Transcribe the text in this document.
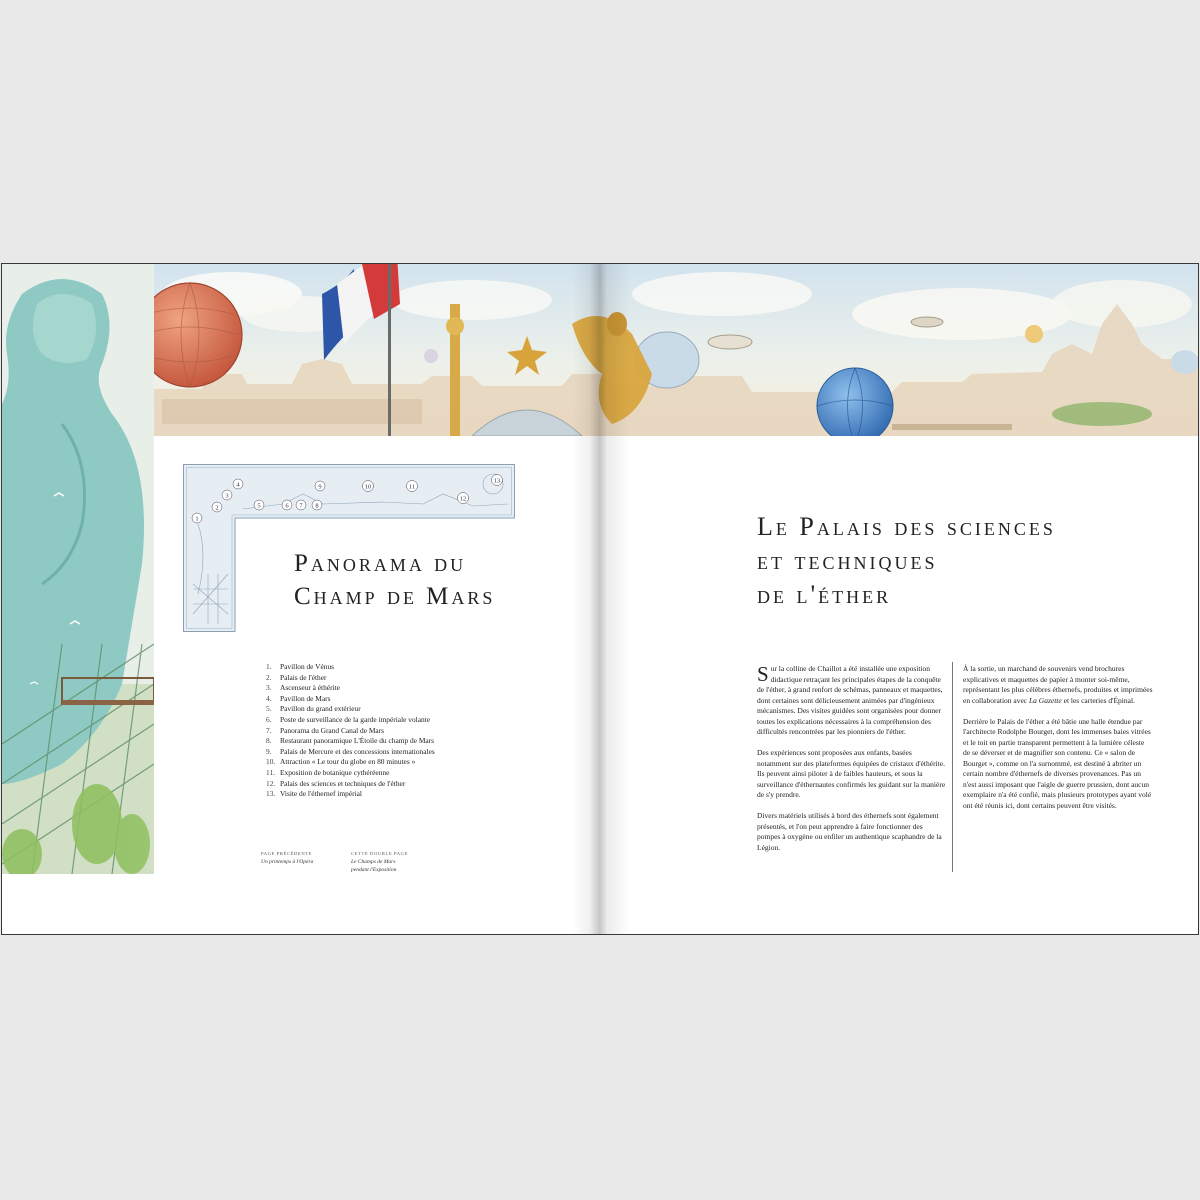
1
2
3
4
5	6 7 8
9	10	11
12
13
Panorama du
Champ de Mars
1. Pavillon de Vénus
2. Palais de l'éther
3. Ascenseur à éthérite
4. Pavillon de Mars
5. Pavillon du grand extérieur
6. Poste de surveillance de la garde impériale volante
7. Panorama du Grand Canal de Mars
8. Restaurant panoramique L'Étoile du champ de Mars
9. Palais de Mercure et des concessions internationales
10. Attraction « Le tour du globe en 80 minutes »
11. Exposition de botanique cythéréenne
12. Palais des sciences et techniques de l'éther
13. Visite de l'éthernef impérial
PAGE PRÉCÉDENTE
Un printemps à l'Opéra
CETTE DOUBLE PAGE
Le Champs de Mars
pendant l'Exposition
Le Palais des sciences
et techniques
de l'éther

Sur la colline de Chaillot a été installée une exposition didactique retraçant les principales étapes de la conquête de l'éther, à grand renfort de schémas, panneaux et maquettes, dont certaines sont délicieusement animées par d'ingénieux mécanismes. Des visites guidées sont organisées pour donner toutes les explications nécessaires à la compréhension des difficultés rencontrées par les pionniers de l'éther.

Des expériences sont proposées aux enfants, basées notamment sur des plateformes équipées de cristaux d'éthérite. Ils peuvent ainsi piloter à de faibles hauteurs, et sous la surveillance d'éthernautes confirmés les guidant sur la manière de s'y prendre.

Divers matériels utilisés à bord des éthernefs sont également présentés, et l'on peut apprendre à faire fonctionner des pompes à oxygène ou enfiler un authentique scaphandre de la Légion.

À la sortie, un marchand de souvenirs vend brochures explicatives et maquettes de papier à monter soi-même, représentant les plus célèbres éthernefs, produites et imprimées en collaboration avec La Gazette et les carteries d'Épinal.

Derrière le Palais de l'éther a été bâtie une halle étendue par l'architecte Rodolphe Bourget, dont les immenses baies vitrées et le toit en partie transparent permettent à la lumière céleste de se déverser et de magnifier son contenu. Ce « salon de Bourget », comme on l'a surnommé, est destiné à abriter un certain nombre d'éthernefs de diverses provenances. Pas un n'est aussi imposant que l'aigle de guerre prussien, dont aucun exemplaire n'a été confié, mais plusieurs prototypes ayant volé ont été réunis ici, dont certains peuvent être visités.
